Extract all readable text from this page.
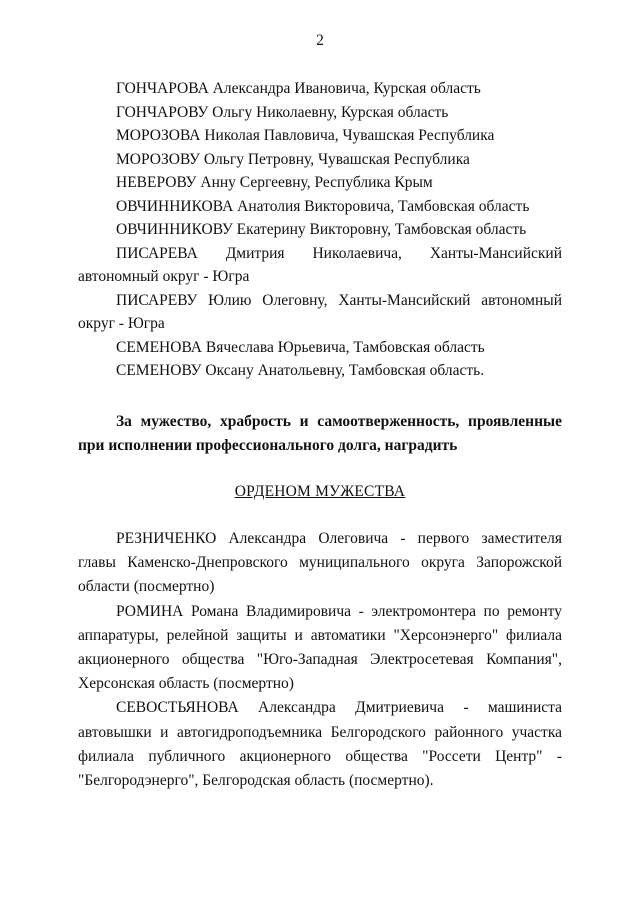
2

ГОНЧАРОВА Александра Ивановича, Курская область

ГОНЧАРОВУ Ольгу Николаевну, Курская область

МОРОЗОВА Николая Павловича, Чувашская Республика

МОРОЗОВУ Ольгу Петровну, Чувашская Республика

НЕВЕРОВУ Анну Сергеевну, Республика Крым

ОВЧИННИКОВА Анатолия Викторовича, Тамбовская область

ОВЧИННИКОВУ Екатерину Викторовну, Тамбовская область

ПИСАРЕВА Дмитрия Николаевича, Ханты-Мансийский автономный округ - Югра

ПИСАРЕВУ Юлию Олеговну, Ханты-Мансийский автономный округ - Югра

СЕМЕНОВА Вячеслава Юрьевича, Тамбовская область

СЕМЕНОВУ Оксану Анатольевну, Тамбовская область.

За мужество, храбрость и самоотверженность, проявленные при исполнении профессионального долга, наградить

ОРДЕНОМ МУЖЕСТВА

РЕЗНИЧЕНКО Александра Олеговича - первого заместителя главы Каменско-Днепровского муниципального округа Запорожской области (посмертно)

РОМИНА Романа Владимировича - электромонтера по ремонту аппаратуры, релейной защиты и автоматики "Херсонэнерго" филиала акционерного общества "Юго-Западная Электросетевая Компания", Херсонская область (посмертно)

СЕВОСТЬЯНОВА Александра Дмитриевича - машиниста автовышки и автогидроподъемника Белгородского районного участка филиала публичного акционерного общества "Россети Центр" - "Белгородэнерго", Белгородская область (посмертно).
